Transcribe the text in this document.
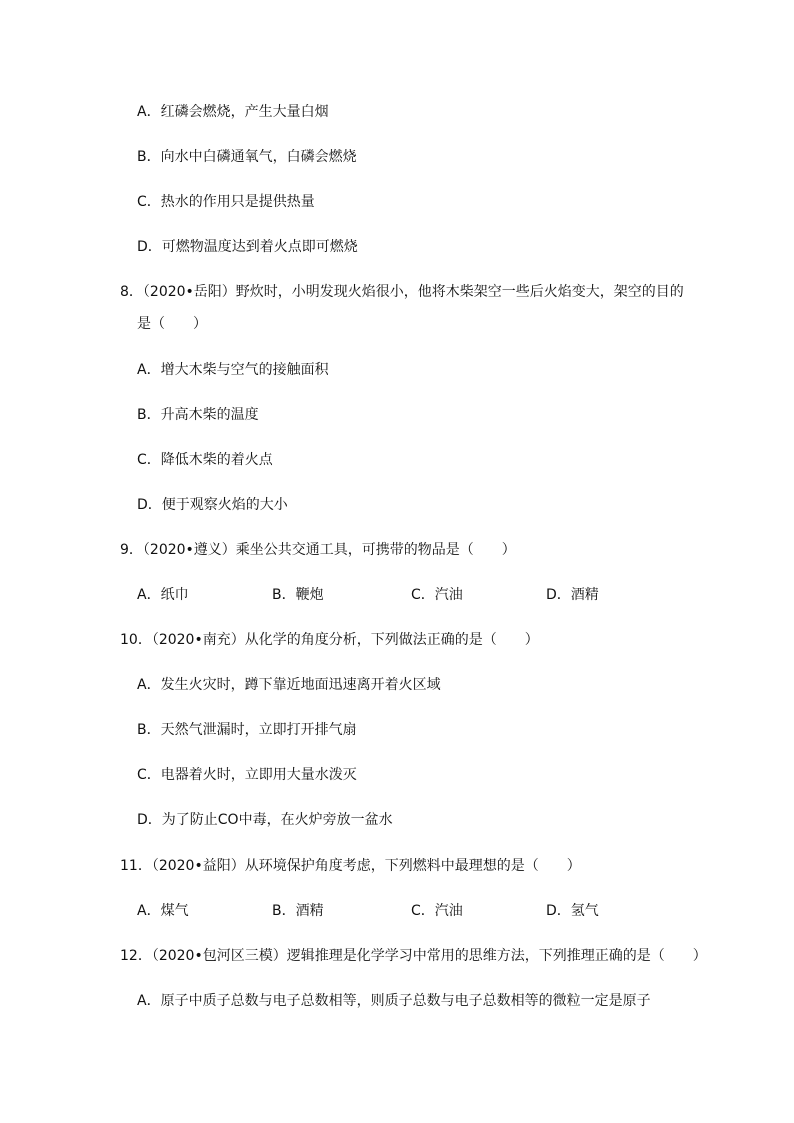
A．红磷会燃烧，产生大量白烟
B．向水中白磷通氧气，白磷会燃烧
C．热水的作用只是提供热量
D．可燃物温度达到着火点即可燃烧
8．（2020•岳阳）野炊时，小明发现火焰很小，他将木柴架空一些后火焰变大，架空的目的
是（　　）
A．增大木柴与空气的接触面积
B．升高木柴的温度
C．降低木柴的着火点
D．便于观察火焰的大小
9．（2020•遵义）乘坐公共交通工具，可携带的物品是（　　）
A．纸巾	B．鞭炮	C．汽油	D．酒精
10．（2020•南充）从化学的角度分析，下列做法正确的是（　　）
A．发生火灾时，蹲下靠近地面迅速离开着火区域
B．天然气泄漏时，立即打开排气扇
C．电器着火时，立即用大量水泼灭
D．为了防止CO中毒，在火炉旁放一盆水
11．（2020•益阳）从环境保护角度考虑，下列燃料中最理想的是（　　）
A．煤气	B．酒精	C．汽油	D．氢气
12．（2020•包河区三模）逻辑推理是化学学习中常用的思维方法，下列推理正确的是（　　）
A．原子中质子总数与电子总数相等，则质子总数与电子总数相等的微粒一定是原子
